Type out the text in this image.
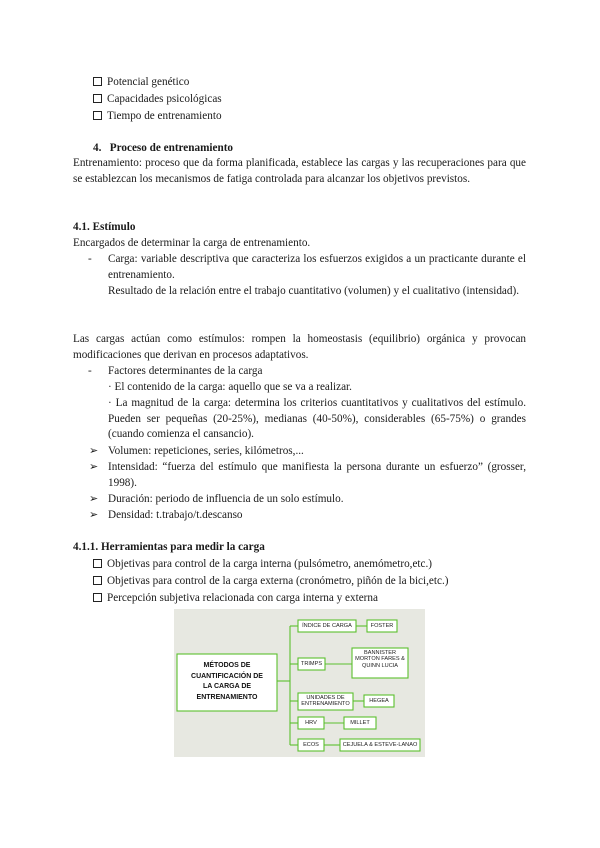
Potencial genético
Capacidades psicológicas
Tiempo de entrenamiento
4. Proceso de entrenamiento
Entrenamiento: proceso que da forma planificada, establece las cargas y las recuperaciones para que se establezcan los mecanismos de fatiga controlada para alcanzar los objetivos previstos.
4.1. Estímulo
Encargados de determinar la carga de entrenamiento.
- Carga: variable descriptiva que caracteriza los esfuerzos exigidos a un practicante durante el entrenamiento.
Resultado de la relación entre el trabajo cuantitativo (volumen) y el cualitativo (intensidad).
Las cargas actúan como estímulos: rompen la homeostasis (equilibrio) orgánica y provocan modificaciones que derivan en procesos adaptativos.
- Factores determinantes de la carga
· El contenido de la carga: aquello que se va a realizar.
· La magnitud de la carga: determina los criterios cuantitativos y cualitativos del estímulo. Pueden ser pequeñas (20-25%), medianas (40-50%), considerables (65-75%) o grandes (cuando comienza el cansancio).
➢ Volumen: repeticiones, series, kilómetros,...
➢ Intensidad: “fuerza del estímulo que manifiesta la persona durante un esfuerzo” (grosser, 1998).
➢ Duración: periodo de influencia de un solo estímulo.
➢ Densidad: t.trabajo/t.descanso
4.1.1. Herramientas para medir la carga
Objetivas para control de la carga interna (pulsómetro, anemómetro,etc.)
Objetivas para control de la carga externa (cronómetro, piñón de la bici,etc.)
Percepción subjetiva relacionada con carga interna y externa
MÉTODOS DE
CUANTIFICACIÓN DE
LA CARGA DE
ENTRENAMIENTO
ÍNDICE DE CARGA
TRIMPS
UNIDADES DE ENTRENAMIENTO
HRV
ECOS
FOSTER
BANNISTER MORTON FARES & QUINN LUCIA
HEGEA
MILLET
CEJUELA & ESTEVE-LANAO
